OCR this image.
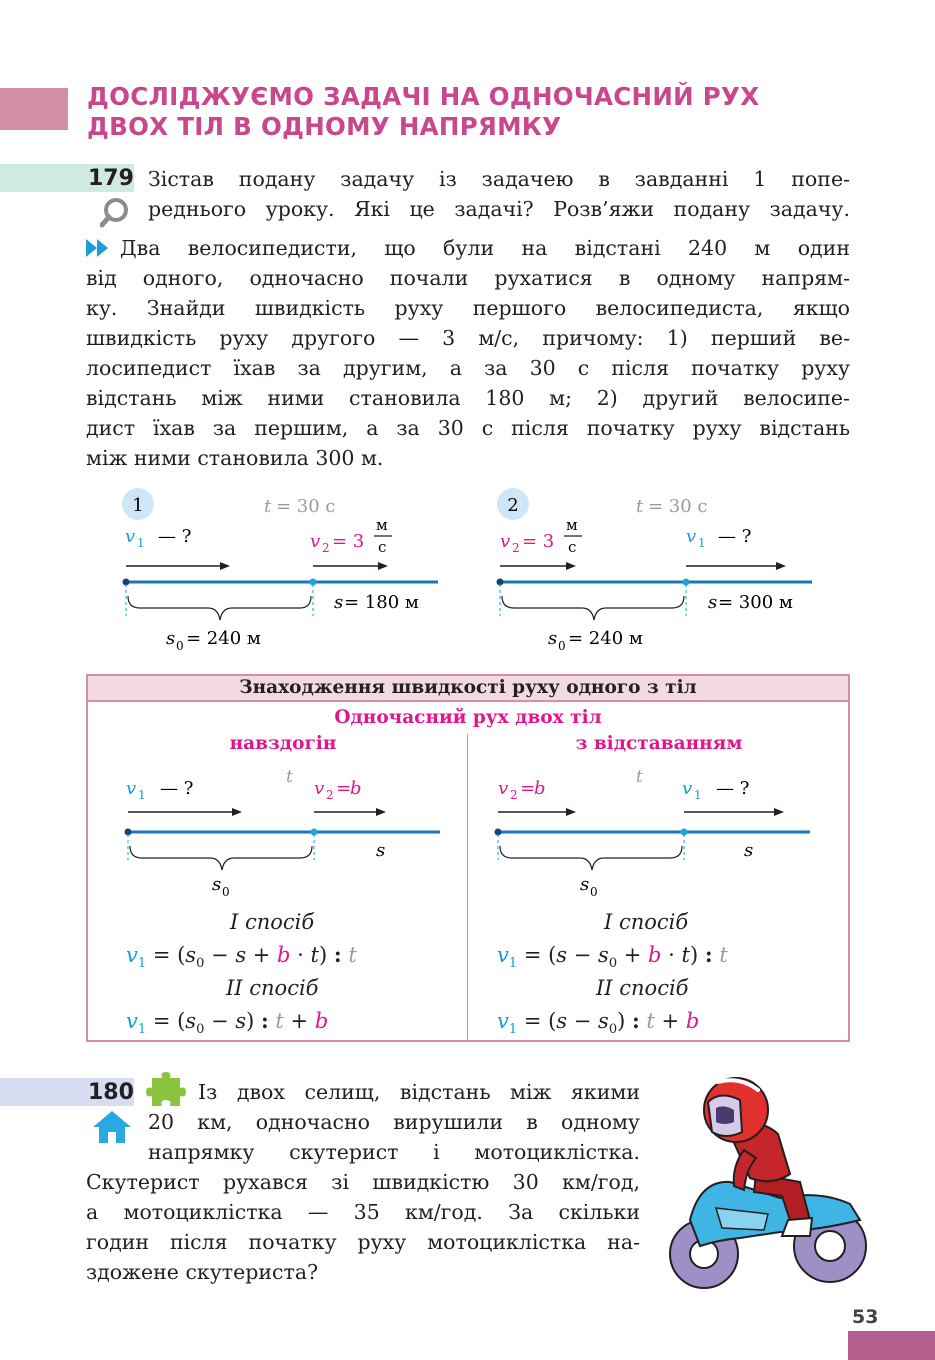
ДОСЛІДЖУЄМО ЗАДАЧІ НА ОДНОЧАСНИЙ РУХ
ДВОХ ТІЛ В ОДНОМУ НАПРЯМКУ
179 Зістав подану задачу із задачею в завданні 1 попе-
реднього уроку. Які це задачі? Розв’яжи подану задачу.
Два велосипедисти, що були на відстані 240 м один
від одного, одночасно почали рухатися в одному напрям-
ку. Знайди швидкість руху першого велосипедиста, якщо
швидкість руху другого — 3 м/с, причому: 1) перший ве-
лосипедист їхав за другим, а за 30 с після початку руху
відстань між ними становила 180 м; 2) другий велосипе-
дист їхав за першим, а за 30 с після початку руху відстань
між ними становила 300 м.
1	t = 30 с
v 1 — ?	v 2 = 3
м
с
s = 180 м
s 0 = 240 м
2	t = 30 с
v 2 = 3
м
с	v 1 — ?
s = 300 м
s 0 = 240 м
Знаходження швидкості руху одного з тіл
Одночасний рух двох тіл
навздогін	з відставанням
t
v 1 — ?	v 2 =
b
s
s 0
t
v 2 =
b	v 1 — ?
s
s 0
I спосіб
$v_1 = (s_0 - s + b \cdot t)$ : t
II спосіб
$v_1 = (s_0 - s)$ : t + b
I спосіб
$v_1 = (s - s_0 + b \cdot t)$ : t
II спосіб
$v_1 = (s - s_0)$ : t + b
180	Із двох селищ, відстань між якими
20 км, одночасно вирушили в одному
напрямку скутерист і мотоциклістка.
Скутерист рухався зі швидкістю 30 км/год,
а мотоциклістка — 35 км/год. За скільки
годин після початку руху мотоциклістка на-
здожене скутериста?
53
